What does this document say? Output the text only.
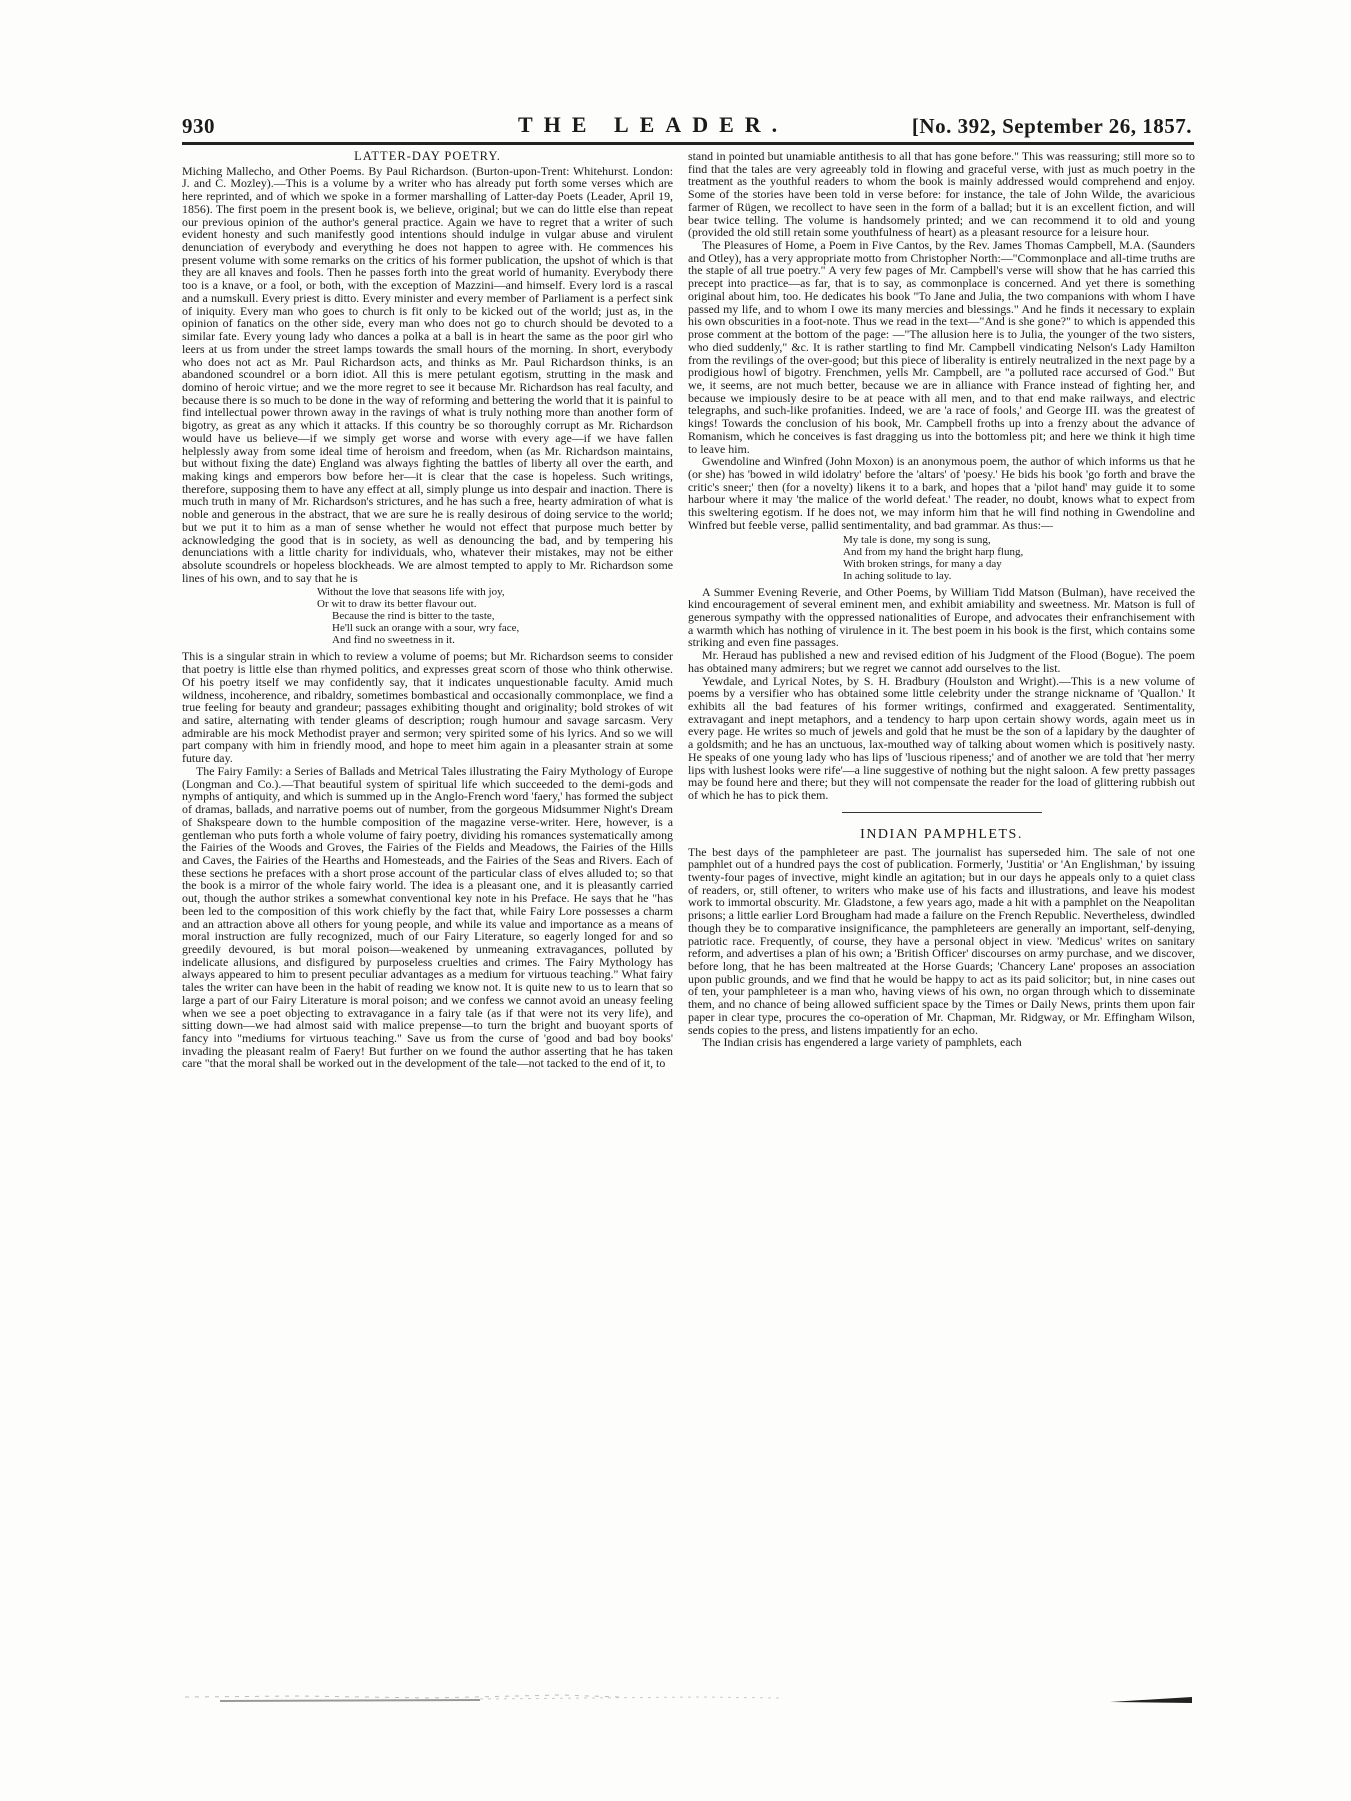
930	THE LEADER.	[No. 392, September 26, 1857.
LATTER-DAY POETRY.

Miching Mallecho, and Other Poems. By Paul Richardson. (Burton-upon-Trent: Whitehurst. London: J. and C. Mozley).—This is a volume by a writer who has already put forth some verses which are here reprinted, and of which we spoke in a former marshalling of Latter-day Poets (Leader, April 19, 1856). The first poem in the present book is, we believe, original; but we can do little else than repeat our previous opinion of the author's general practice. Again we have to regret that a writer of such evident honesty and such manifestly good intentions should indulge in vulgar abuse and virulent denunciation of everybody and everything he does not happen to agree with. He commences his present volume with some remarks on the critics of his former publication, the upshot of which is that they are all knaves and fools. Then he passes forth into the great world of humanity. Everybody there too is a knave, or a fool, or both, with the exception of Mazzini—and himself. Every lord is a rascal and a numskull. Every priest is ditto. Every minister and every member of Parliament is a perfect sink of iniquity. Every man who goes to church is fit only to be kicked out of the world; just as, in the opinion of fanatics on the other side, every man who does not go to church should be devoted to a similar fate. Every young lady who dances a polka at a ball is in heart the same as the poor girl who leers at us from under the street lamps towards the small hours of the morning. In short, everybody who does not act as Mr. Paul Richardson acts, and thinks as Mr. Paul Richardson thinks, is an abandoned scoundrel or a born idiot. All this is mere petulant egotism, strutting in the mask and domino of heroic virtue; and we the more regret to see it because Mr. Richardson has real faculty, and because there is so much to be done in the way of reforming and bettering the world that it is painful to find intellectual power thrown away in the ravings of what is truly nothing more than another form of bigotry, as great as any which it attacks. If this country be so thoroughly corrupt as Mr. Richardson would have us believe—if we simply get worse and worse with every age—if we have fallen helplessly away from some ideal time of heroism and freedom, when (as Mr. Richardson maintains, but without fixing the date) England was always fighting the battles of liberty all over the earth, and making kings and emperors bow before her—it is clear that the case is hopeless. Such writings, therefore, supposing them to have any effect at all, simply plunge us into despair and inaction. There is much truth in many of Mr. Richardson's strictures, and he has such a free, hearty admiration of what is noble and generous in the abstract, that we are sure he is really desirous of doing service to the world; but we put it to him as a man of sense whether he would not effect that purpose much better by acknowledging the good that is in society, as well as denouncing the bad, and by tempering his denunciations with a little charity for individuals, who, whatever their mistakes, may not be either absolute scoundrels or hopeless blockheads. We are almost tempted to apply to Mr. Richardson some lines of his own, and to say that he is

Without the love that seasons life with joy,
Or wit to draw its better flavour out.
Because the rind is bitter to the taste,
He'll suck an orange with a sour, wry face,
And find no sweetness in it.

This is a singular strain in which to review a volume of poems; but Mr. Richardson seems to consider that poetry is little else than rhymed politics, and expresses great scorn of those who think otherwise. Of his poetry itself we may confidently say, that it indicates unquestionable faculty. Amid much wildness, incoherence, and ribaldry, sometimes bombastical and occasionally commonplace, we find a true feeling for beauty and grandeur; passages exhibiting thought and originality; bold strokes of wit and satire, alternating with tender gleams of description; rough humour and savage sarcasm. Very admirable are his mock Methodist prayer and sermon; very spirited some of his lyrics. And so we will part company with him in friendly mood, and hope to meet him again in a pleasanter strain at some future day.

The Fairy Family: a Series of Ballads and Metrical Tales illustrating the Fairy Mythology of Europe (Longman and Co.).—That beautiful system of spiritual life which succeeded to the demi-gods and nymphs of antiquity, and which is summed up in the Anglo-French word 'faery,' has formed the subject of dramas, ballads, and narrative poems out of number, from the gorgeous Midsummer Night's Dream of Shakspeare down to the humble composition of the magazine verse-writer. Here, however, is a gentleman who puts forth a whole volume of fairy poetry, dividing his romances systematically among the Fairies of the Woods and Groves, the Fairies of the Fields and Meadows, the Fairies of the Hills and Caves, the Fairies of the Hearths and Homesteads, and the Fairies of the Seas and Rivers. Each of these sections he prefaces with a short prose account of the particular class of elves alluded to; so that the book is a mirror of the whole fairy world. The idea is a pleasant one, and it is pleasantly carried out, though the author strikes a somewhat conventional key note in his Preface. He says that he "has been led to the composition of this work chiefly by the fact that, while Fairy Lore possesses a charm and an attraction above all others for young people, and while its value and importance as a means of moral instruction are fully recognized, much of our Fairy Literature, so eagerly longed for and so greedily devoured, is but moral poison—weakened by unmeaning extravagances, polluted by indelicate allusions, and disfigured by purposeless cruelties and crimes. The Fairy Mythology has always appeared to him to present peculiar advantages as a medium for virtuous teaching." What fairy tales the writer can have been in the habit of reading we know not. It is quite new to us to learn that so large a part of our Fairy Literature is moral poison; and we confess we cannot avoid an uneasy feeling when we see a poet objecting to extravagance in a fairy tale (as if that were not its very life), and sitting down—we had almost said with malice prepense—to turn the bright and buoyant sports of fancy into "mediums for virtuous teaching." Save us from the curse of 'good and bad boy books' invading the pleasant realm of Faery! But further on we found the author asserting that he has taken care "that the moral shall be worked out in the development of the tale—not tacked to the end of it, to

stand in pointed but unamiable antithesis to all that has gone before." This was reassuring; still more so to find that the tales are very agreeably told in flowing and graceful verse, with just as much poetry in the treatment as the youthful readers to whom the book is mainly addressed would comprehend and enjoy. Some of the stories have been told in verse before: for instance, the tale of John Wilde, the avaricious farmer of Rügen, we recollect to have seen in the form of a ballad; but it is an excellent fiction, and will bear twice telling. The volume is handsomely printed; and we can recommend it to old and young (provided the old still retain some youthfulness of heart) as a pleasant resource for a leisure hour.

The Pleasures of Home, a Poem in Five Cantos, by the Rev. James Thomas Campbell, M.A. (Saunders and Otley), has a very appropriate motto from Christopher North:—"Commonplace and all-time truths are the staple of all true poetry." A very few pages of Mr. Campbell's verse will show that he has carried this precept into practice—as far, that is to say, as commonplace is concerned. And yet there is something original about him, too. He dedicates his book "To Jane and Julia, the two companions with whom I have passed my life, and to whom I owe its many mercies and blessings." And he finds it necessary to explain his own obscurities in a foot-note. Thus we read in the text—"And is she gone?" to which is appended this prose comment at the bottom of the page: —"The allusion here is to Julia, the younger of the two sisters, who died suddenly," &c. It is rather startling to find Mr. Campbell vindicating Nelson's Lady Hamilton from the revilings of the over-good; but this piece of liberality is entirely neutralized in the next page by a prodigious howl of bigotry. Frenchmen, yells Mr. Campbell, are "a polluted race accursed of God." But we, it seems, are not much better, because we are in alliance with France instead of fighting her, and because we impiously desire to be at peace with all men, and to that end make railways, and electric telegraphs, and such-like profanities. Indeed, we are 'a race of fools,' and George III. was the greatest of kings! Towards the conclusion of his book, Mr. Campbell froths up into a frenzy about the advance of Romanism, which he conceives is fast dragging us into the bottomless pit; and here we think it high time to leave him.

Gwendoline and Winfred (John Moxon) is an anonymous poem, the author of which informs us that he (or she) has 'bowed in wild idolatry' before the 'altars' of 'poesy.' He bids his book 'go forth and brave the critic's sneer;' then (for a novelty) likens it to a bark, and hopes that a 'pilot hand' may guide it to some harbour where it may 'the malice of the world defeat.' The reader, no doubt, knows what to expect from this sweltering egotism. If he does not, we may inform him that he will find nothing in Gwendoline and Winfred but feeble verse, pallid sentimentality, and bad grammar. As thus:—

My tale is done, my song is sung,
And from my hand the bright harp flung,
With broken strings, for many a day
In aching solitude to lay.

A Summer Evening Reverie, and Other Poems, by William Tidd Matson (Bulman), have received the kind encouragement of several eminent men, and exhibit amiability and sweetness. Mr. Matson is full of generous sympathy with the oppressed nationalities of Europe, and advocates their enfranchisement with a warmth which has nothing of virulence in it. The best poem in his book is the first, which contains some striking and even fine passages.

Mr. Heraud has published a new and revised edition of his Judgment of the Flood (Bogue). The poem has obtained many admirers; but we regret we cannot add ourselves to the list.

Yewdale, and Lyrical Notes, by S. H. Bradbury (Houlston and Wright).—This is a new volume of poems by a versifier who has obtained some little celebrity under the strange nickname of 'Quallon.' It exhibits all the bad features of his former writings, confirmed and exaggerated. Sentimentality, extravagant and inept metaphors, and a tendency to harp upon certain showy words, again meet us in every page. He writes so much of jewels and gold that he must be the son of a lapidary by the daughter of a goldsmith; and he has an unctuous, lax-mouthed way of talking about women which is positively nasty. He speaks of one young lady who has lips of 'luscious ripeness;' and of another we are told that 'her merry lips with lushest looks were rife'—a line suggestive of nothing but the night saloon. A few pretty passages may be found here and there; but they will not compensate the reader for the load of glittering rubbish out of which he has to pick them.

INDIAN PAMPHLETS.

The best days of the pamphleteer are past. The journalist has superseded him. The sale of not one pamphlet out of a hundred pays the cost of publication. Formerly, 'Justitia' or 'An Englishman,' by issuing twenty-four pages of invective, might kindle an agitation; but in our days he appeals only to a quiet class of readers, or, still oftener, to writers who make use of his facts and illustrations, and leave his modest work to immortal obscurity. Mr. Gladstone, a few years ago, made a hit with a pamphlet on the Neapolitan prisons; a little earlier Lord Brougham had made a failure on the French Republic. Nevertheless, dwindled though they be to comparative insignificance, the pamphleteers are generally an important, self-denying, patriotic race. Frequently, of course, they have a personal object in view. 'Medicus' writes on sanitary reform, and advertises a plan of his own; a 'British Officer' discourses on army purchase, and we discover, before long, that he has been maltreated at the Horse Guards; 'Chancery Lane' proposes an association upon public grounds, and we find that he would be happy to act as its paid solicitor; but, in nine cases out of ten, your pamphleteer is a man who, having views of his own, no organ through which to disseminate them, and no chance of being allowed sufficient space by the Times or Daily News, prints them upon fair paper in clear type, procures the co-operation of Mr. Chapman, Mr. Ridgway, or Mr. Effingham Wilson, sends copies to the press, and listens impatiently for an echo.

The Indian crisis has engendered a large variety of pamphlets, each
